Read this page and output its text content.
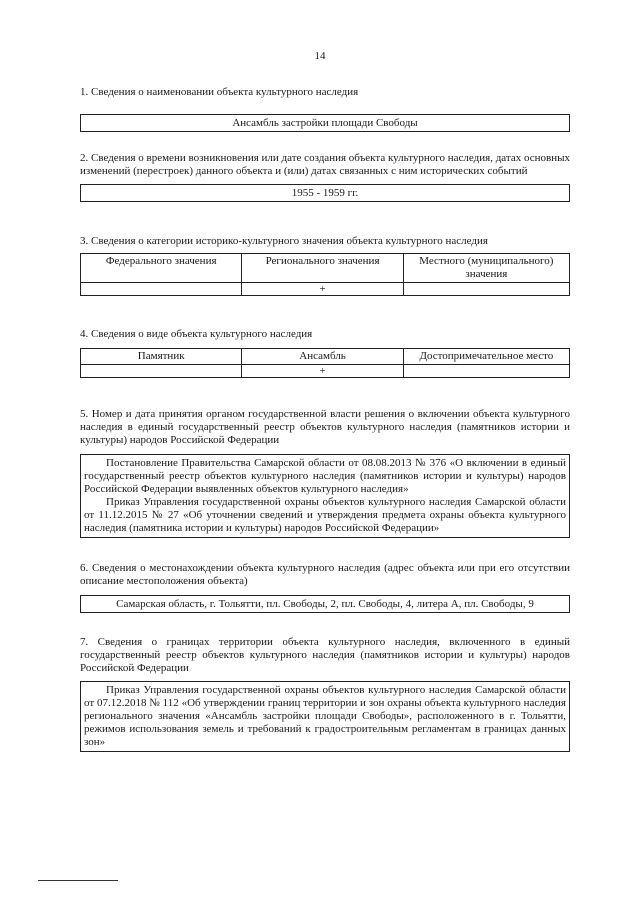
14

1. Сведения о наименовании объекта культурного наследия

Ансамбль застройки площади Свободы

2. Сведения о времени возникновения или дате создания объекта культурного наследия, датах основных изменений (перестроек) данного объекта и (или) датах связанных с ним исторических событий

1955 - 1959 гг.

3. Сведения о категории историко-культурного значения объекта культурного наследия

Федерального значения	Регионального значения	Местного (муниципального) значения
	+	

4. Сведения о виде объекта культурного наследия

Памятник	Ансамбль	Достопримечательное место
	+	

5. Номер и дата принятия органом государственной власти решения о включении объекта культурного наследия в единый государственный реестр объектов культурного наследия (памятников истории и культуры) народов Российской Федерации

Постановление Правительства Самарской области от 08.08.2013 № 376 «О включении в единый государственный реестр объектов культурного наследия (памятников истории и культуры) народов Российской Федерации выявленных объектов культурного наследия»

Приказ Управления государственной охраны объектов культурного наследия Самарской области от 11.12.2015 № 27 «Об уточнении сведений и утверждения предмета охраны объекта культурного наследия (памятника истории и культуры) народов Российской Федерации»

6. Сведения о местонахождении объекта культурного наследия (адрес объекта или при его отсутствии описание местоположения объекта)

Самарская область, г. Тольятти, пл. Свободы, 2, пл. Свободы, 4, литера А, пл. Свободы, 9

7. Сведения о границах территории объекта культурного наследия, включенного в единый государственный реестр объектов культурного наследия (памятников истории и культуры) народов Российской Федерации

Приказ Управления государственной охраны объектов культурного наследия Самарской области от 07.12.2018 № 112 «Об утверждении границ территории и зон охраны объекта культурного наследия регионального значения «Ансамбль застройки площади Свободы», расположенного в г. Тольятти, режимов использования земель и требований к градостроительным регламентам в границах данных зон»
